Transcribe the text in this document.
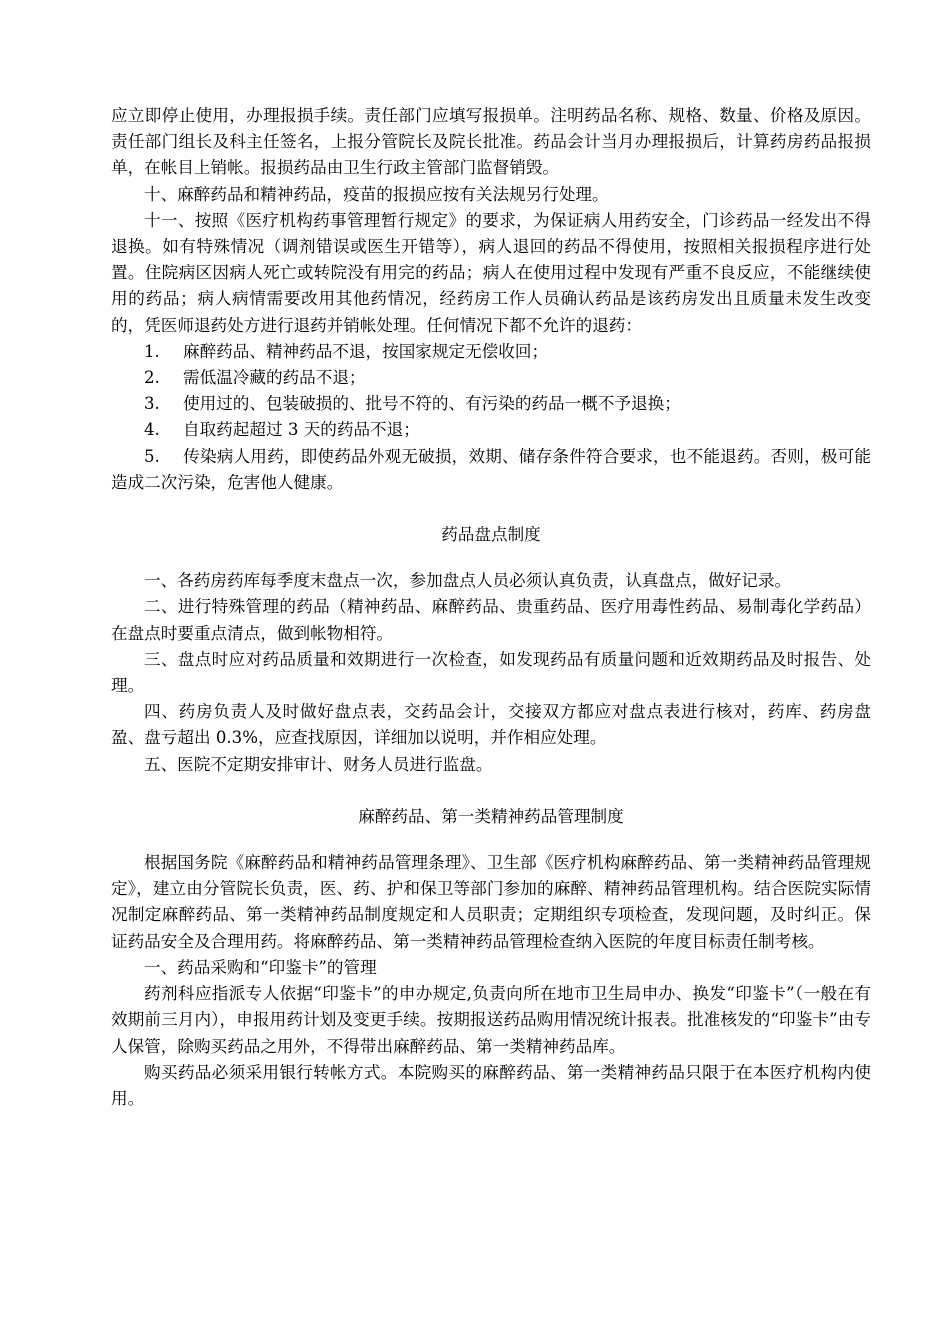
应立即停止使用，办理报损手续。责任部门应填写报损单。注明药品名称、规格、数量、价格及原因。责任部门组长及科主任签名，上报分管院长及院长批准。药品会计当月办理报损后，计算药房药品报损单，在帐目上销帐。报损药品由卫生行政主管部门监督销毁。

十、麻醉药品和精神药品，疫苗的报损应按有关法规另行处理。

十一、按照《医疗机构药事管理暂行规定》的要求，为保证病人用药安全，门诊药品一经发出不得退换。如有特殊情况（调剂错误或医生开错等），病人退回的药品不得使用，按照相关报损程序进行处置。住院病区因病人死亡或转院没有用完的药品；病人在使用过程中发现有严重不良反应，不能继续使用的药品；病人病情需要改用其他药情况，经药房工作人员确认药品是该药房发出且质量未发生改变的，凭医师退药处方进行退药并销帐处理。任何情况下都不允许的退药：

1. 麻醉药品、精神药品不退，按国家规定无偿收回；

2. 需低温冷藏的药品不退；

3. 使用过的、包装破损的、批号不符的、有污染的药品一概不予退换；

4. 自取药起超过 3 天的药品不退；

5. 传染病人用药，即使药品外观无破损，效期、储存条件符合要求，也不能退药。否则，极可能造成二次污染，危害他人健康。

药品盘点制度

一、各药房药库每季度末盘点一次，参加盘点人员必须认真负责，认真盘点，做好记录。

二、进行特殊管理的药品（精神药品、麻醉药品、贵重药品、医疗用毒性药品、易制毒化学药品）在盘点时要重点清点，做到帐物相符。

三、盘点时应对药品质量和效期进行一次检查，如发现药品有质量问题和近效期药品及时报告、处理。

四、药房负责人及时做好盘点表，交药品会计，交接双方都应对盘点表进行核对，药库、药房盘盈、盘亏超出 0.3%，应查找原因，详细加以说明，并作相应处理。

五、医院不定期安排审计、财务人员进行监盘。

麻醉药品、第一类精神药品管理制度

根据国务院《麻醉药品和精神药品管理条理》、卫生部《医疗机构麻醉药品、第一类精神药品管理规定》，建立由分管院长负责，医、药、护和保卫等部门参加的麻醉、精神药品管理机构。结合医院实际情况制定麻醉药品、第一类精神药品制度规定和人员职责；定期组织专项检查，发现问题，及时纠正。保证药品安全及合理用药。将麻醉药品、第一类精神药品管理检查纳入医院的年度目标责任制考核。

一、药品采购和“印鉴卡”的管理

药剂科应指派专人依据“印鉴卡”的申办规定,负责向所在地市卫生局申办、换发“印鉴卡”（一般在有效期前三月内），申报用药计划及变更手续。按期报送药品购用情况统计报表。批准核发的“印鉴卡”由专人保管，除购买药品之用外，不得带出麻醉药品、第一类精神药品库。

购买药品必须采用银行转帐方式。本院购买的麻醉药品、第一类精神药品只限于在本医疗机构内使用。
